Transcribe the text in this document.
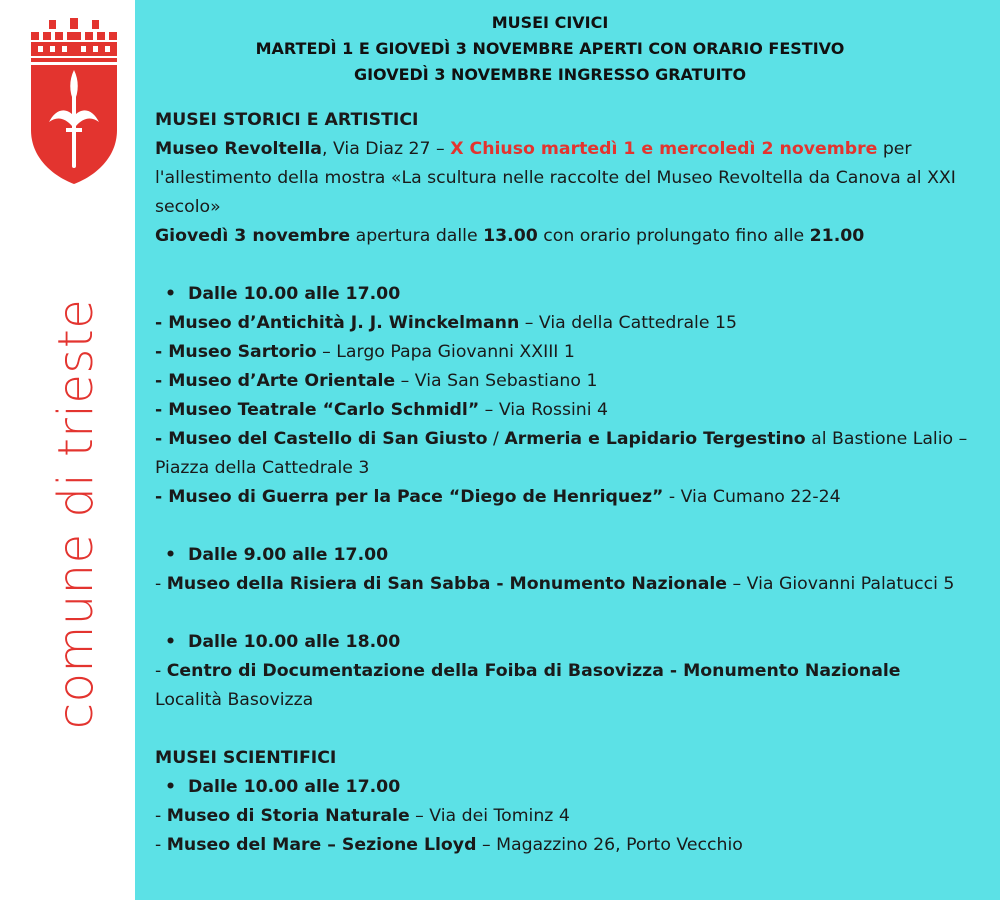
comune di trieste
MUSEI CIVICI
MARTEDÌ 1 E GIOVEDÌ 3 NOVEMBRE APERTI CON ORARIO FESTIVO
GIOVEDÌ 3 NOVEMBRE INGRESSO GRATUITO
MUSEI STORICI E ARTISTICI
Museo Revoltella, Via Diaz 27 – X Chiuso martedì 1 e mercoledì 2 novembre per l'allestimento della mostra «La scultura nelle raccolte del Museo Revoltella da Canova al XXI secolo»
Giovedì 3 novembre apertura dalle 13.00 con orario prolungato fino alle 21.00
• Dalle 10.00 alle 17.00
- Museo d’Antichità J. J. Winckelmann – Via della Cattedrale 15
- Museo Sartorio – Largo Papa Giovanni XXIII 1
- Museo d’Arte Orientale – Via San Sebastiano 1
- Museo Teatrale “Carlo Schmidl” – Via Rossini 4
- Museo del Castello di San Giusto / Armeria e Lapidario Tergestino al Bastione Lalio – Piazza della Cattedrale 3
- Museo di Guerra per la Pace “Diego de Henriquez” - Via Cumano 22-24
• Dalle 9.00 alle 17.00
- Museo della Risiera di San Sabba - Monumento Nazionale – Via Giovanni Palatucci 5
• Dalle 10.00 alle 18.00
- Centro di Documentazione della Foiba di Basovizza - Monumento Nazionale
Località Basovizza
MUSEI SCIENTIFICI
• Dalle 10.00 alle 17.00
- Museo di Storia Naturale – Via dei Tominz 4
- Museo del Mare – Sezione Lloyd – Magazzino 26, Porto Vecchio
